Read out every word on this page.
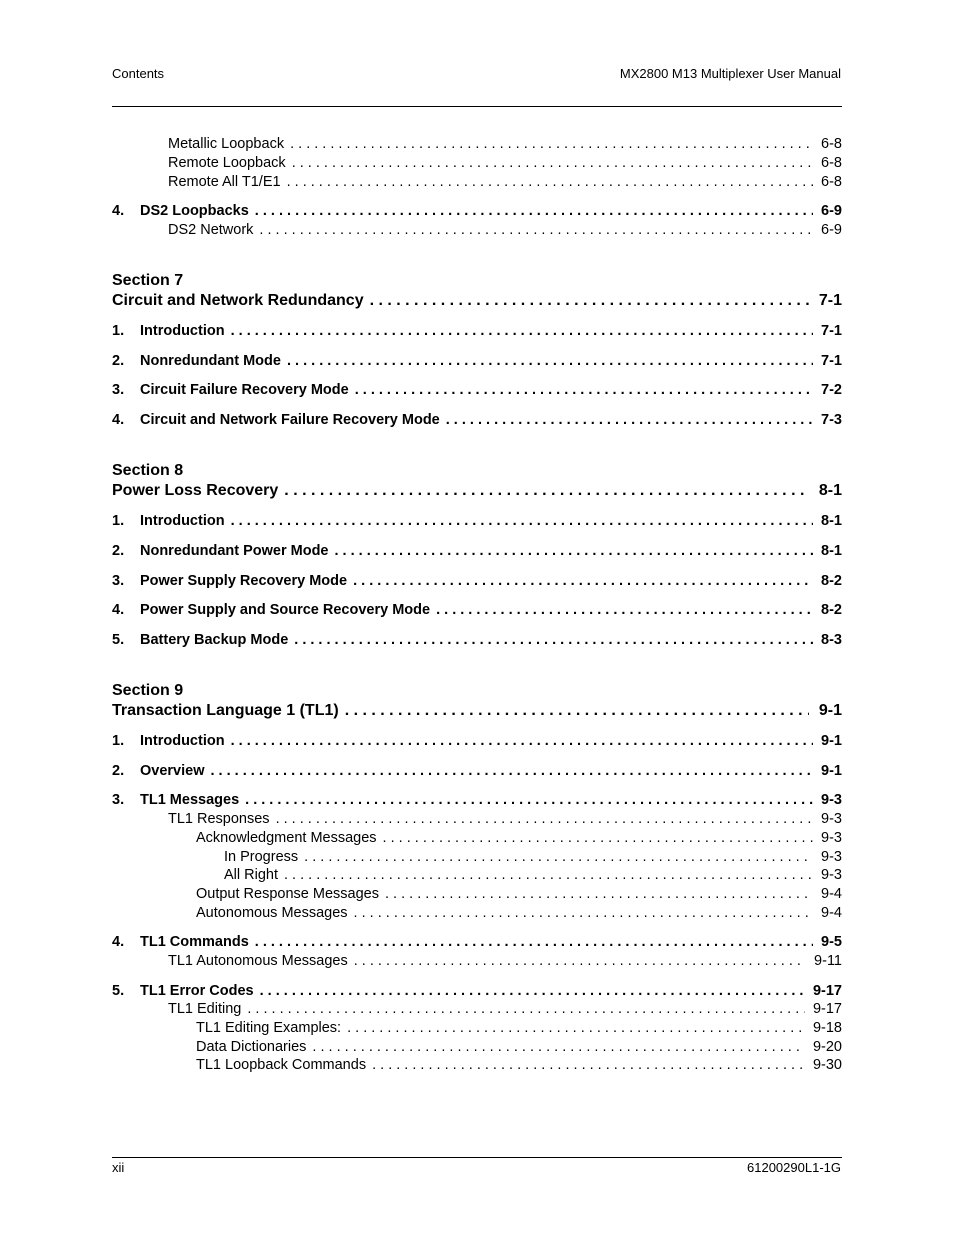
Contents	MX2800 M13 Multiplexer User Manual
Metallic Loopback . . .	6-8
Remote Loopback . . .	6-8
Remote All T1/E1 . . .	6-8
4.	DS2 Loopbacks . . .	6-9
DS2 Network . . .	6-9
Section 7
Circuit and Network Redundancy . . .	7-1
1.	Introduction . . .	7-1
2.	Nonredundant Mode . . .	7-1
3.	Circuit Failure Recovery Mode . . .	7-2
4.	Circuit and Network Failure Recovery Mode . . .	7-3
Section 8
Power Loss Recovery . . .	8-1
1.	Introduction . . .	8-1
2.	Nonredundant Power Mode . . .	8-1
3.	Power Supply Recovery Mode . . .	8-2
4.	Power Supply and Source Recovery Mode . . .	8-2
5.	Battery Backup Mode . . .	8-3
Section 9
Transaction Language 1 (TL1) . . .	9-1
1.	Introduction . . .	9-1
2.	Overview . . .	9-1
3.	TL1 Messages . . .	9-3
TL1 Responses . . .	9-3
Acknowledgment Messages . . .	9-3
In Progress . . .	9-3
All Right . . .	9-3
Output Response Messages . . .	9-4
Autonomous Messages . . .	9-4
4.	TL1 Commands . . .	9-5
TL1 Autonomous Messages . . .	9-11
5.	TL1 Error Codes . . .	9-17
TL1 Editing . . .	9-17
TL1 Editing Examples: . . .	9-18
Data Dictionaries . . .	9-20
TL1 Loopback Commands . . .	9-30
xii	61200290L1-1G
